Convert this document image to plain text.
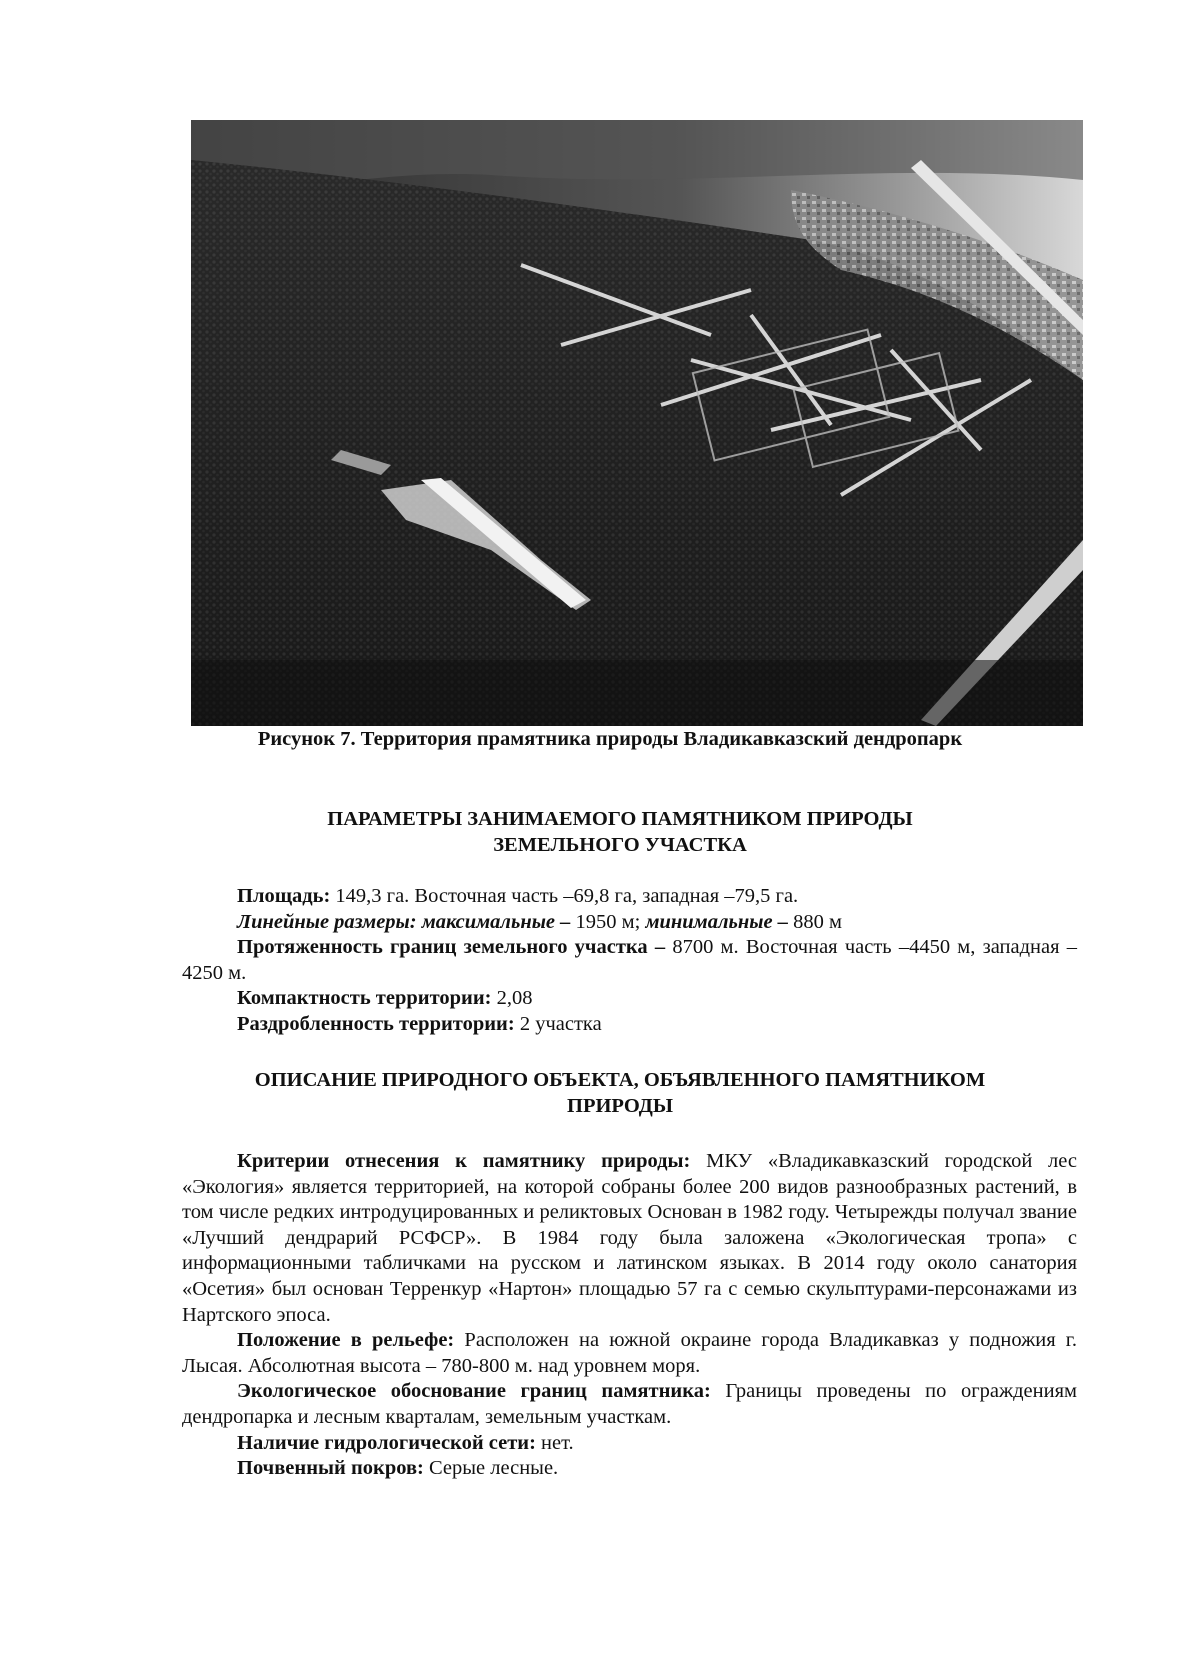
Рисунок 7. Территория прамятника природы Владикавказский дендропарк
ПАРАМЕТРЫ ЗАНИМАЕМОГО ПАМЯТНИКОМ ПРИРОДЫ
ЗЕМЕЛЬНОГО УЧАСТКА
Площадь: 149,3 га. Восточная часть –69,8 га, западная –79,5 га.
Линейные размеры: максимальные – 1950 м; минимальные – 880 м
Протяженность границ земельного участка – 8700 м. Восточная часть –4450 м, западная –4250 м.
Компактность территории: 2,08
Раздробленность территории: 2 участка
ОПИСАНИЕ ПРИРОДНОГО ОБЪЕКТА, ОБЪЯВЛЕННОГО ПАМЯТНИКОМ
ПРИРОДЫ
Критерии отнесения к памятнику природы: МКУ «Владикавказский городской лес «Экология» является территорией, на которой собраны более 200 видов разнообразных растений, в том числе редких интродуцированных и реликтовых Основан в 1982 году. Четырежды получал звание «Лучший дендрарий РСФСР». В 1984 году была заложена «Экологическая тропа» с информационными табличками на русском и латинском языках. В 2014 году около санатория «Осетия» был основан Терренкур «Нартон» площадью 57 га с семью скульптурами-персонажами из Нартского эпоса.
Положение в рельефе: Расположен на южной окраине города Владикавказ у подножия г. Лысая. Абсолютная высота – 780-800 м. над уровнем моря.
Экологическое обоснование границ памятника: Границы проведены по ограждениям дендропарка и лесным кварталам, земельным участкам.
Наличие гидрологической сети: нет.
Почвенный покров: Серые лесные.
